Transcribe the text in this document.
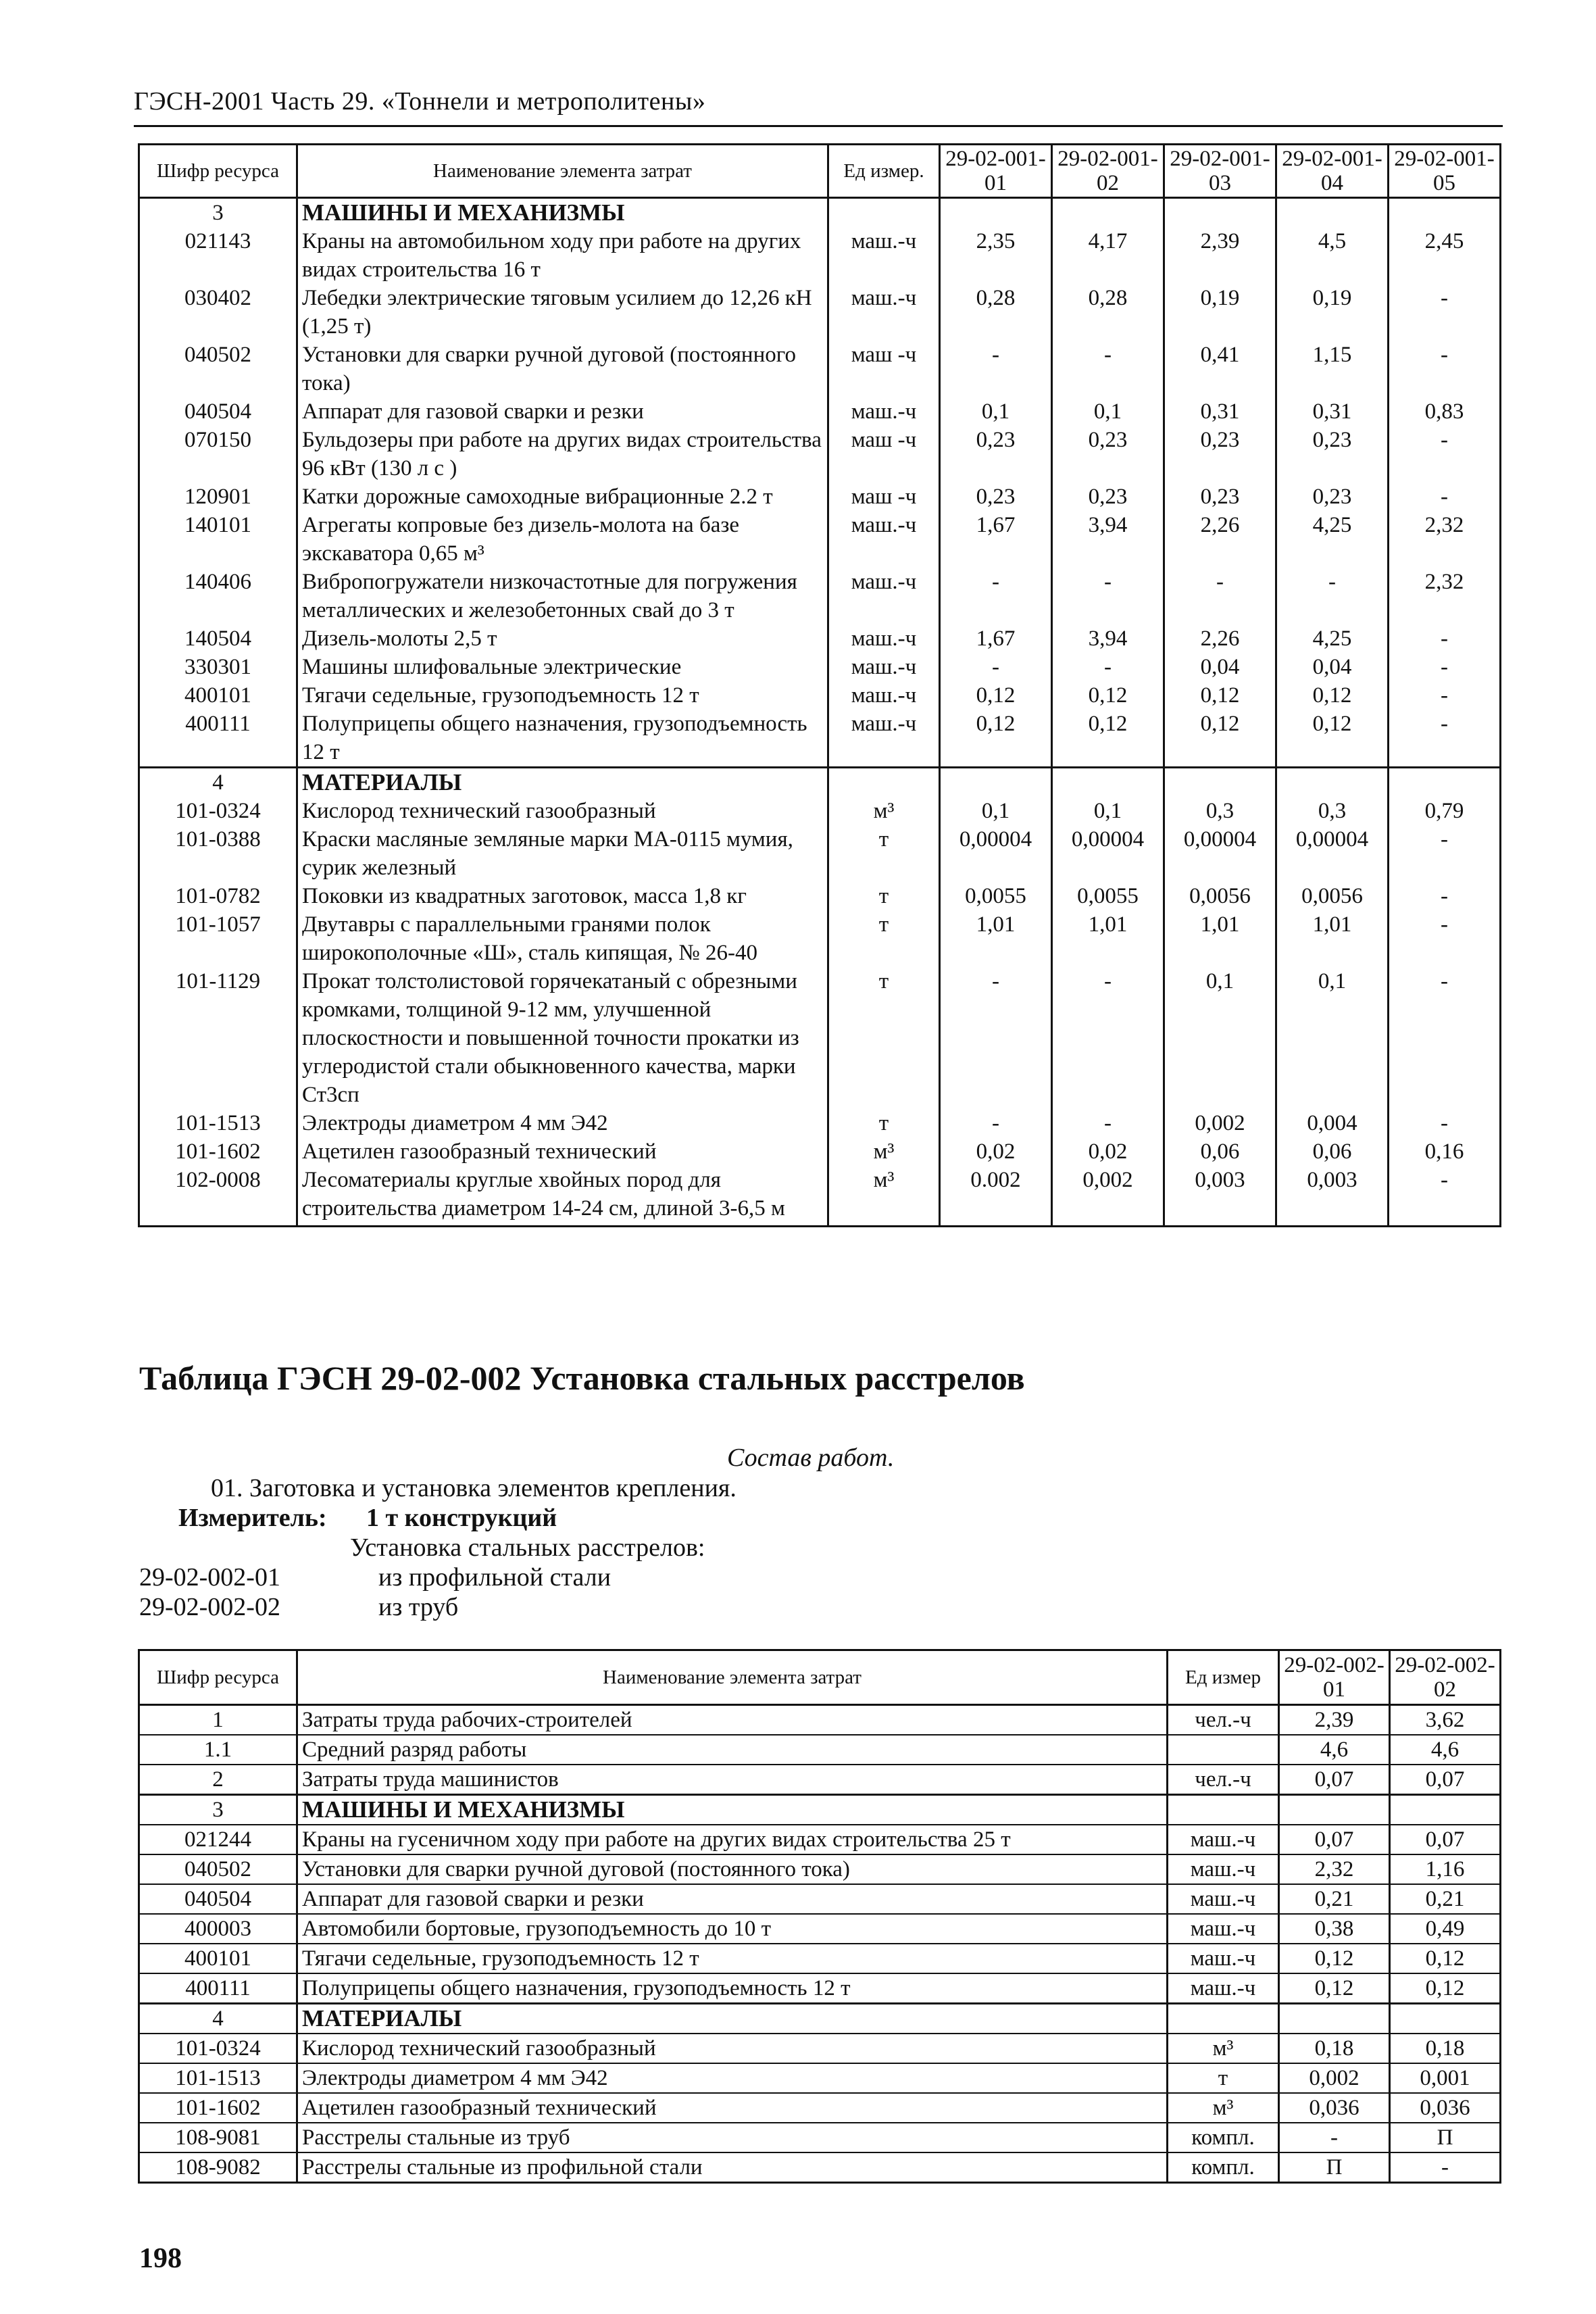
ГЭСН-2001 Часть 29. «Тоннели и метрополитены»
Шифр ресурса	Наименование элемента затрат	Ед измер.	29-02-001-01	29-02-001-02	29-02-001-03	29-02-001-04	29-02-001-05
3	МАШИНЫ И МЕХАНИЗМЫ						
021143	Краны на автомобильном ходу при работе на других видах строительства 16 т	маш.-ч	2,35	4,17	2,39	4,5	2,45
030402	Лебедки электрические тяговым усилием до 12,26 кН (1,25 т)	маш.-ч	0,28	0,28	0,19	0,19	-
040502	Установки для сварки ручной дуговой (постоянного тока)	маш -ч	-	-	0,41	1,15	-
040504	Аппарат для газовой сварки и резки	маш.-ч	0,1	0,1	0,31	0,31	0,83
070150	Бульдозеры при работе на других видах строительства 96 кВт (130 л с )	маш -ч	0,23	0,23	0,23	0,23	-
120901	Катки дорожные самоходные вибрационные 2.2 т	маш -ч	0,23	0,23	0,23	0,23	-
140101	Агрегаты копровые без дизель-молота на базе экскаватора 0,65 м³	маш.-ч	1,67	3,94	2,26	4,25	2,32
140406	Вибропогружатели низкочастотные для погружения металлических и железобетонных свай до 3 т	маш.-ч	-	-	-	-	2,32
140504	Дизель-молоты 2,5 т	маш.-ч	1,67	3,94	2,26	4,25	-
330301	Машины шлифовальные электрические	маш.-ч	-	-	0,04	0,04	-
400101	Тягачи седельные, грузоподъемность 12 т	маш.-ч	0,12	0,12	0,12	0,12	-
400111	Полуприцепы общего назначения, грузоподъемность 12 т	маш.-ч	0,12	0,12	0,12	0,12	-
4	МАТЕРИАЛЫ						
101-0324	Кислород технический газообразный	м³	0,1	0,1	0,3	0,3	0,79
101-0388	Краски масляные земляные марки МА-0115 мумия, сурик железный	т	0,00004	0,00004	0,00004	0,00004	-
101-0782	Поковки из квадратных заготовок, масса 1,8 кг	т	0,0055	0,0055	0,0056	0,0056	-
101-1057	Двутавры с параллельными гранями полок широкополочные «Ш», сталь кипящая, № 26-40	т	1,01	1,01	1,01	1,01	-
101-1129	Прокат толстолистовой горячекатаный с обрезными кромками, толщиной 9-12 мм, улучшенной плоскостности и повышенной точности прокатки из углеродистой стали обыкновенного качества, марки Ст3сп	т	-	-	0,1	0,1	-
101-1513	Электроды диаметром 4 мм Э42	т	-	-	0,002	0,004	-
101-1602	Ацетилен газообразный технический	м³	0,02	0,02	0,06	0,06	0,16
102-0008	Лесоматериалы круглые хвойных пород для строительства диаметром 14-24 см, длиной 3-6,5 м	м³	0.002	0,002	0,003	0,003	-
Таблица ГЭСН 29-02-002 Установка стальных расстрелов
Состав работ.
01. Заготовка и установка элементов крепления.
Измеритель: 1 т конструкций
Установка стальных расстрелов:
29-02-002-01	из профильной стали
29-02-002-02	из труб
Шифр ресурса	Наименование элемента затрат	Ед измер	29-02-002-01	29-02-002-02
1	Затраты труда рабочих-строителей	чел.-ч	2,39	3,62
1.1	Средний разряд работы		4,6	4,6
2	Затраты труда машинистов	чел.-ч	0,07	0,07
3	МАШИНЫ И МЕХАНИЗМЫ			
021244	Краны на гусеничном ходу при работе на других видах строительства 25 т	маш.-ч	0,07	0,07
040502	Установки для сварки ручной дуговой (постоянного тока)	маш.-ч	2,32	1,16
040504	Аппарат для газовой сварки и резки	маш.-ч	0,21	0,21
400003	Автомобили бортовые, грузоподъемность до 10 т	маш.-ч	0,38	0,49
400101	Тягачи седельные, грузоподъемность 12 т	маш.-ч	0,12	0,12
400111	Полуприцепы общего назначения, грузоподъемность 12 т	маш.-ч	0,12	0,12
4	МАТЕРИАЛЫ			
101-0324	Кислород технический газообразный	м³	0,18	0,18
101-1513	Электроды диаметром 4 мм Э42	т	0,002	0,001
101-1602	Ацетилен газообразный технический	м³	0,036	0,036
108-9081	Расстрелы стальные из труб	компл.	-	П
108-9082	Расстрелы стальные из профильной стали	компл.	П	-
198
